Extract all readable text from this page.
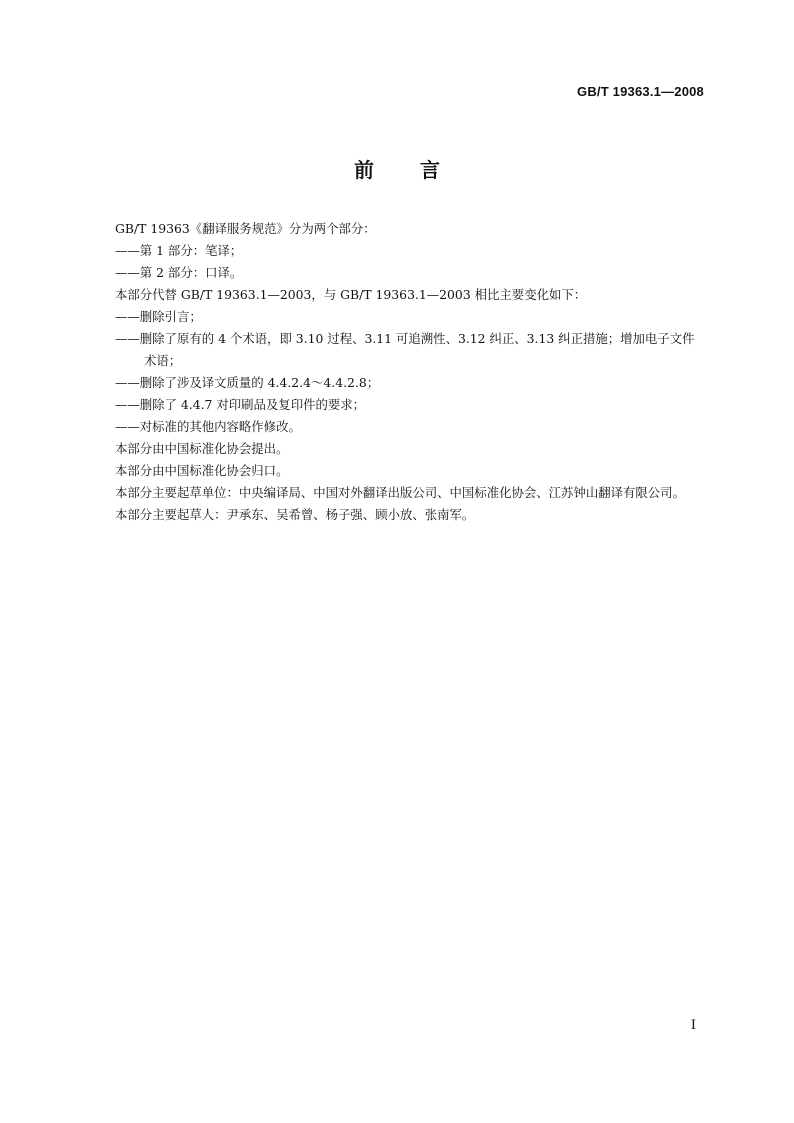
GB/T 19363.1—2008
前 言

GB/T 19363《翻译服务规范》分为两个部分：

——第 1 部分：笔译；

——第 2 部分：口译。

本部分代替 GB/T 19363.1—2003，与 GB/T 19363.1—2003 相比主要变化如下：

——删除引言；

——删除了原有的 4 个术语，即 3.10 过程、3.11 可追溯性、3.12 纠正、3.13 纠正措施；增加电子文件术语；

——删除了涉及译文质量的 4.4.2.4～4.4.2.8；

——删除了 4.4.7 对印刷品及复印件的要求；

——对标准的其他内容略作修改。

本部分由中国标准化协会提出。

本部分由中国标准化协会归口。

本部分主要起草单位：中央编译局、中国对外翻译出版公司、中国标准化协会、江苏钟山翻译有限公司。

本部分主要起草人：尹承东、吴希曾、杨子强、顾小放、张南军。

I
